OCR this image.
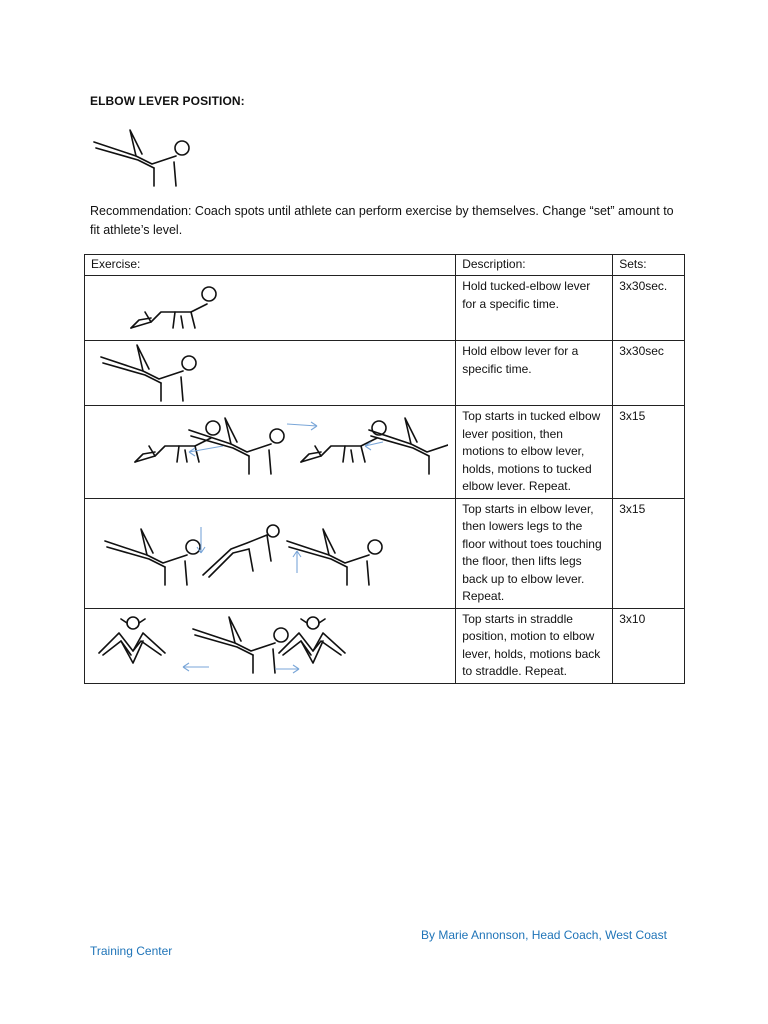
ELBOW LEVER POSITION:
Recommendation: Coach spots until athlete can perform exercise by themselves. Change “set” amount to fit athlete’s level.
Exercise:	Description:	Sets:

	Hold tucked-elbow lever for a specific time.	3x30sec.

	Hold elbow lever for a specific time.	3x30sec

	Top starts in tucked elbow lever position, then motions to elbow lever, holds, motions to tucked elbow lever. Repeat.	3x15

	Top starts in elbow lever, then lowers legs to the floor without toes touching the floor, then lifts legs back up to elbow lever. Repeat.	3x15

	Top starts in straddle position, motion to elbow lever, holds, motions back to straddle. Repeat.	3x10
By Marie Annonson, Head Coach, West Coast
Training Center
